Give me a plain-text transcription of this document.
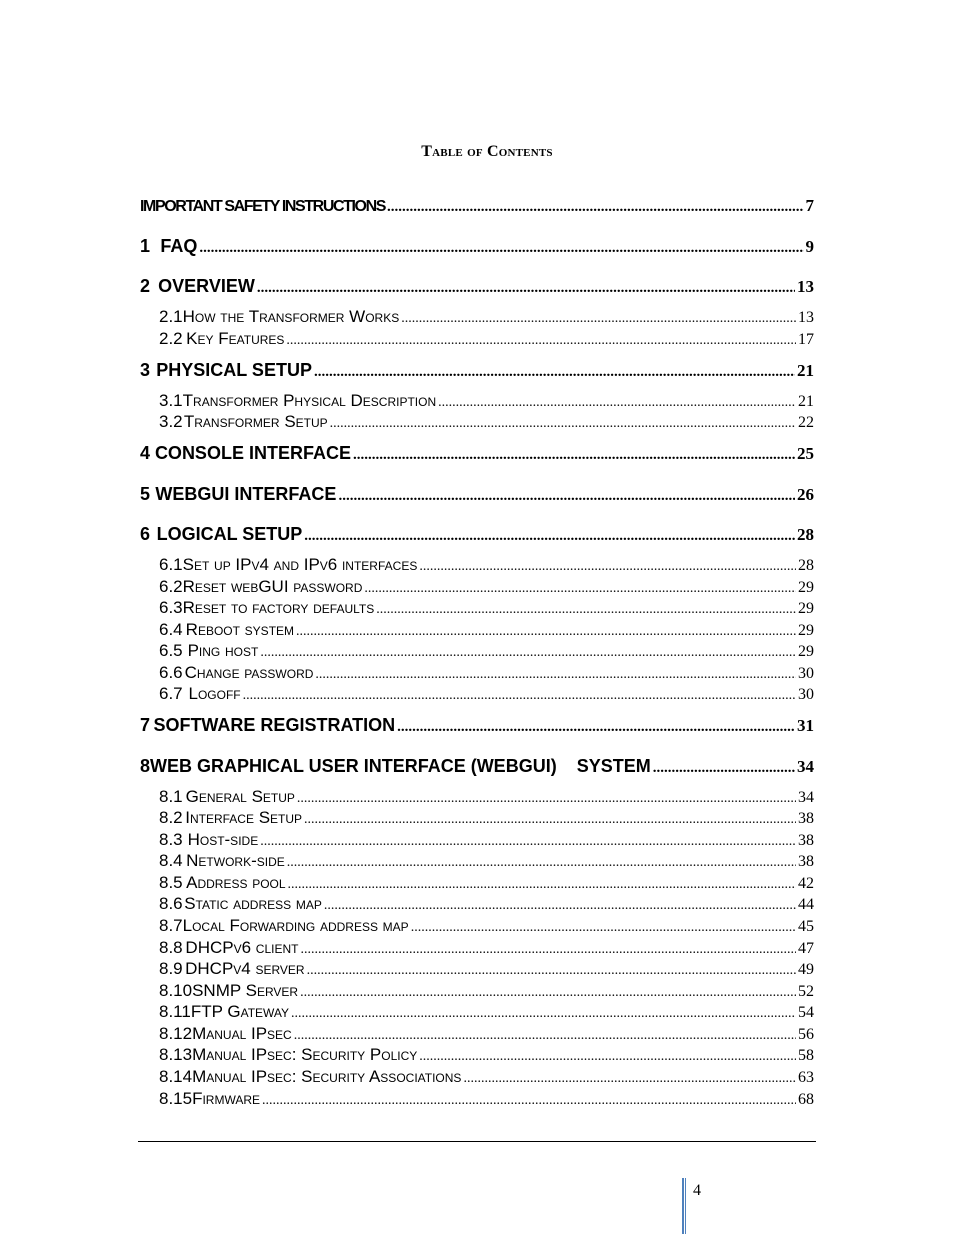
Table of Contents
IMPORTANT SAFETY INSTRUCTIONS .....	7
1 FAQ .....	9
2 OVERVIEW .....	13
2.1 How the Transformer Works .....	13
2.2 Key Features .....	17
3 PHYSICAL SETUP .....	21
3.1 Transformer Physical Description .....	21
3.2 Transformer Setup .....	22
4 CONSOLE INTERFACE .....	25
5 WEBGUI INTERFACE .....	26
6 LOGICAL SETUP .....	28
6.1 Set up IPv4 and IPv6 interfaces .....	28
6.2 Reset webGUI password .....	29
6.3 Reset to factory defaults .....	29
6.4 Reboot system .....	29
6.5 Ping host .....	29
6.6 Change password .....	30
6.7 Logoff .....	30
7 SOFTWARE REGISTRATION .....	31
8 WEB GRAPHICAL USER INTERFACE (WEBGUI)    SYSTEM .....	34
8.1 General Setup .....	34
8.2 Interface Setup .....	38
8.3 Host-side .....	38
8.4 Network-side .....	38
8.5 Address pool .....	42
8.6 Static address map .....	44
8.7 Local Forwarding address map .....	45
8.8 DHCPv6 client .....	47
8.9 DHCPv4 server .....	49
8.10 SNMP Server .....	52
8.11 FTP Gateway .....	54
8.12 Manual IPsec .....	56
8.13 Manual IPsec: Security Policy .....	58
8.14 Manual IPsec: Security Associations .....	63
8.15 Firmware .....	68
4
